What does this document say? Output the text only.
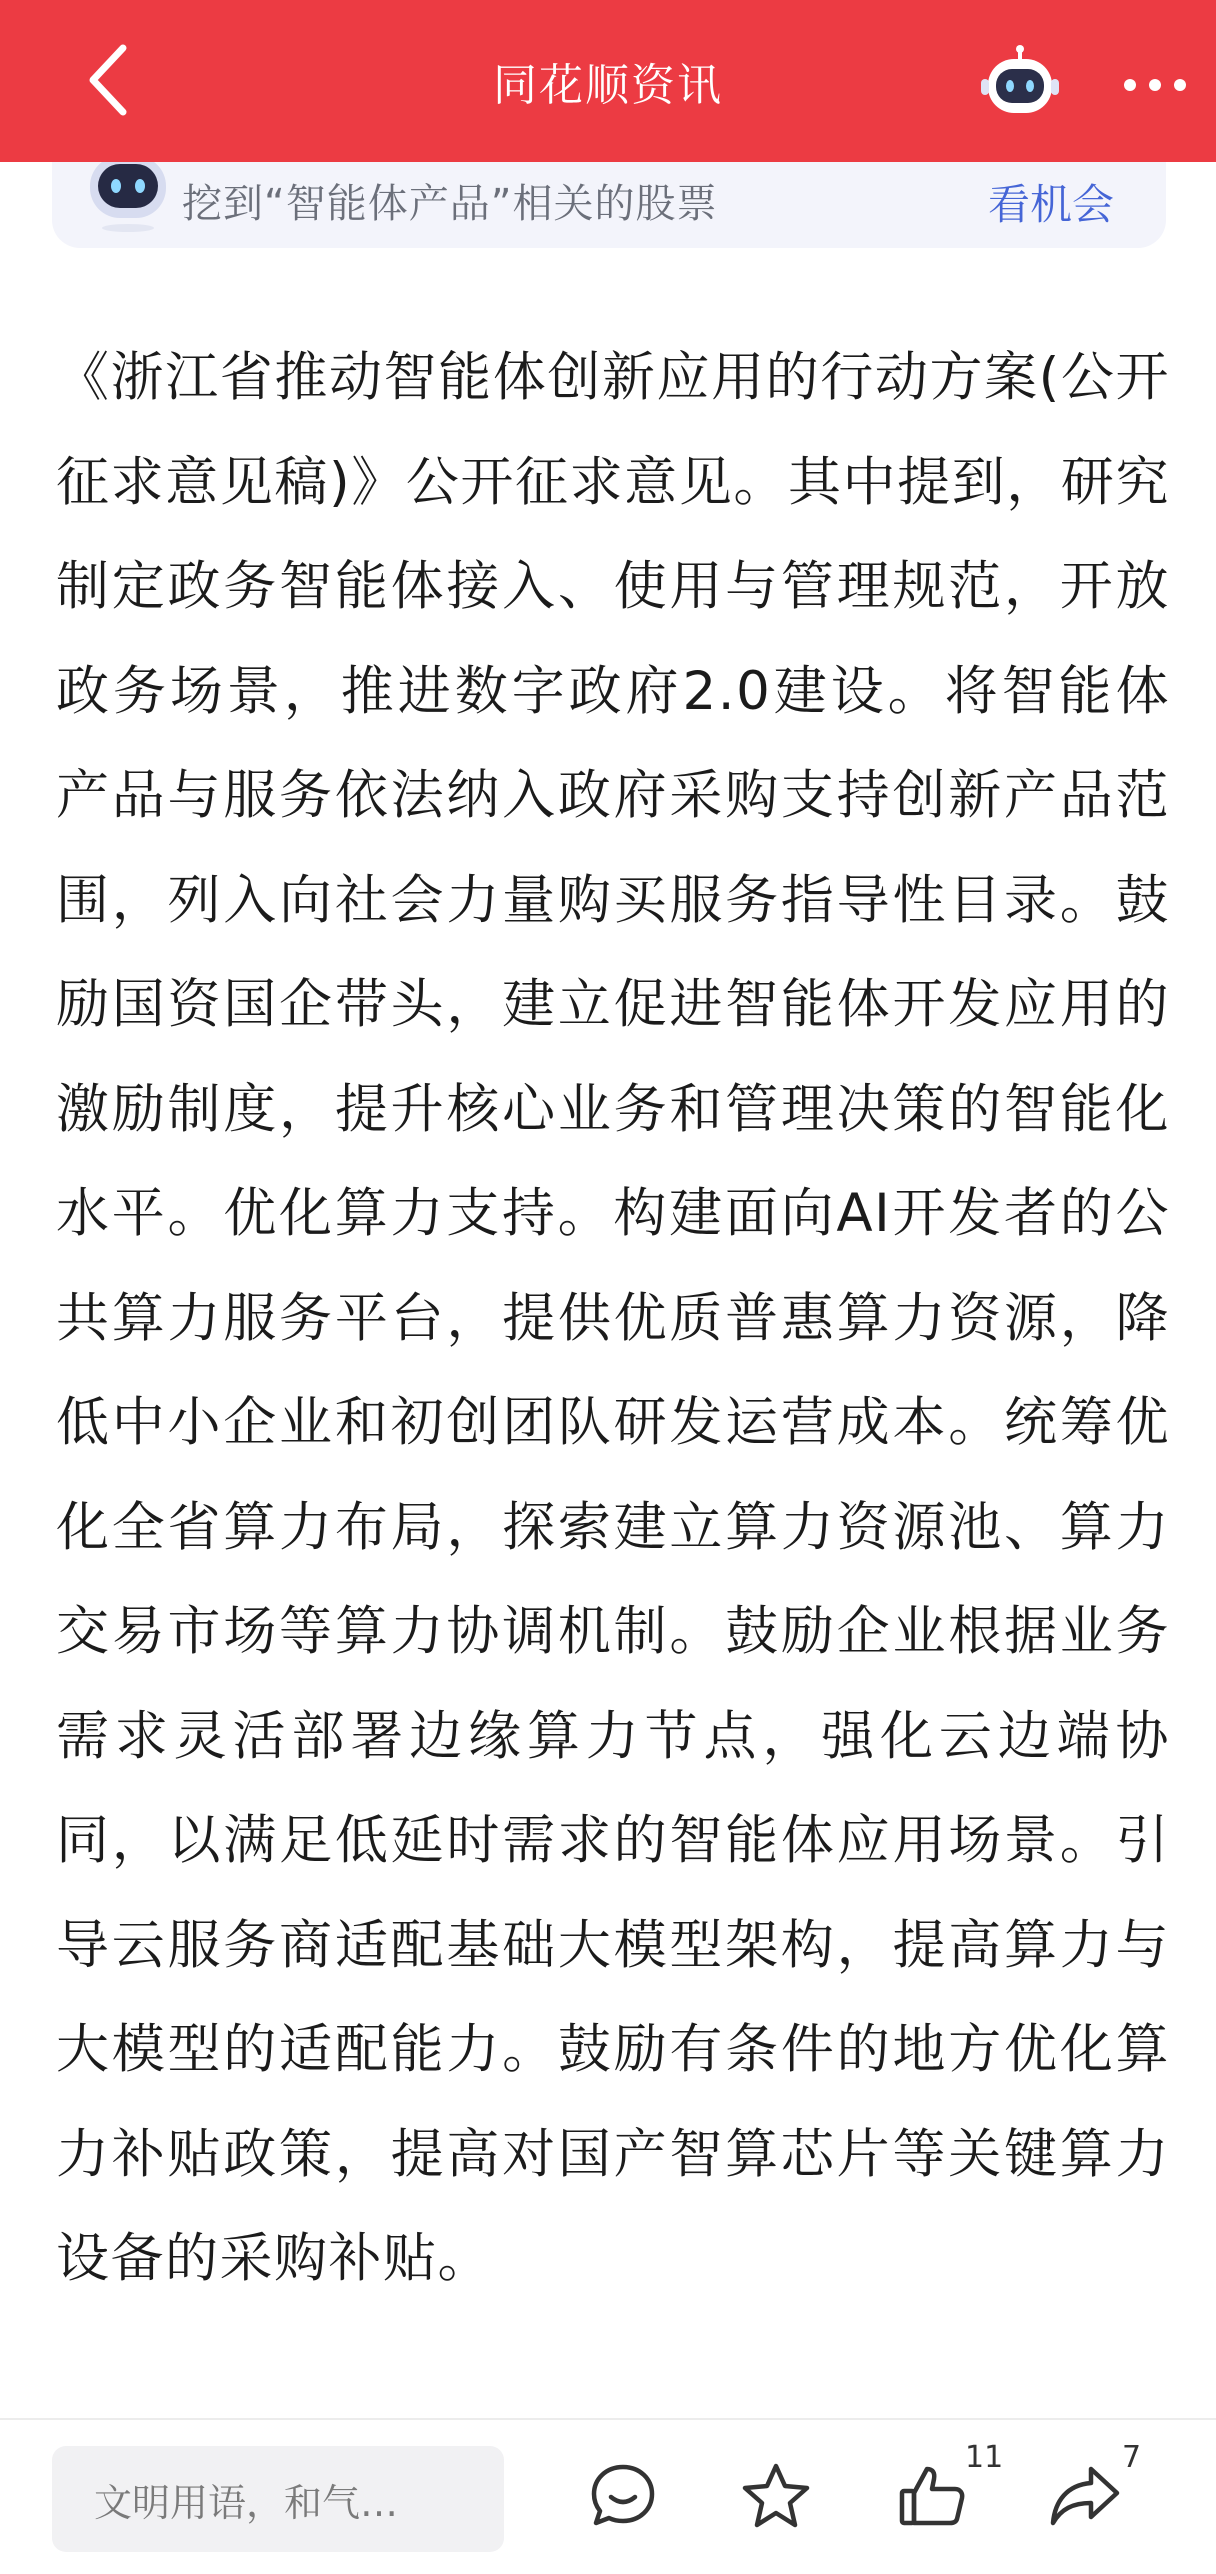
同花顺资讯
挖到“智能体产品”相关的股票	看机会
《浙江省推动智能体创新应用的行动方案(公开征求意见稿)》公开征求意见。其中提到，研究制定政务智能体接入、使用与管理规范，开放政务场景，推进数字政府2.0建设。将智能体产品与服务依法纳入政府采购支持创新产品范围，列入向社会力量购买服务指导性目录。鼓励国资国企带头，建立促进智能体开发应用的激励制度，提升核心业务和管理决策的智能化水平。优化算力支持。构建面向AI开发者的公共算力服务平台，提供优质普惠算力资源，降低中小企业和初创团队研发运营成本。统筹优化全省算力布局，探索建立算力资源池、算力交易市场等算力协调机制。鼓励企业根据业务需求灵活部署边缘算力节点，强化云边端协同，以满足低延时需求的智能体应用场景。引导云服务商适配基础大模型架构，提高算力与大模型的适配能力。鼓励有条件的地方优化算力补贴政策，提高对国产智算芯片等关键算力设备的采购补贴。
文明用语，和气…
11	7
